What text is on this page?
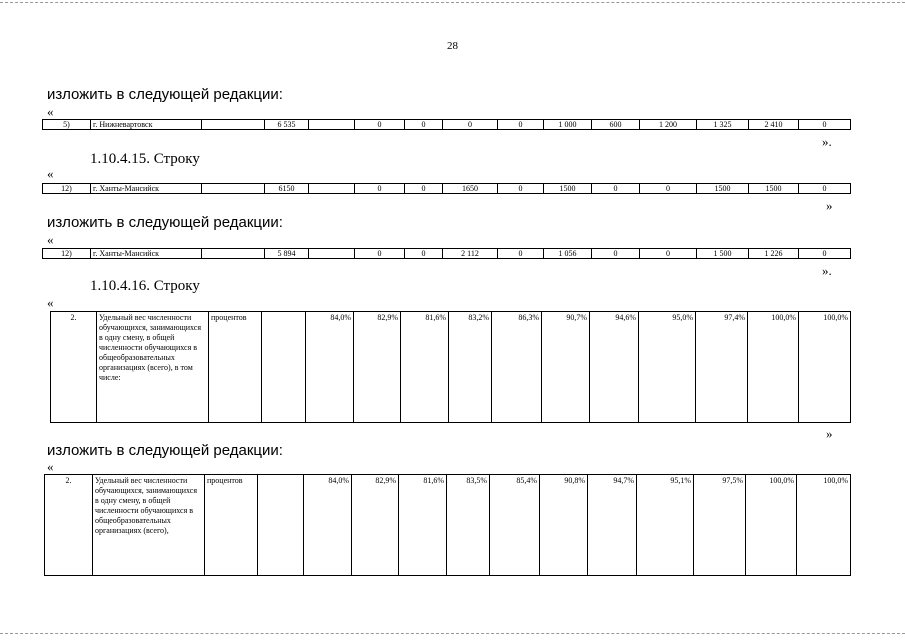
28
изложить в следующей редакции:
«
5)	г. Нижневартовск		6 535		0	0	0	0	1 000	600	1 200	1 325	2 410	0
».
1.10.4.15. Строку
«
12)	г. Ханты-Мансийск		6150		0	0	1650	0	1500	0	0	1500	1500	0
»
изложить в следующей редакции:
«
12)	г. Ханты-Мансийск		5 894		0	0	2 112	0	1 056	0	0	1 500	1 226	0
».
1.10.4.16. Строку
«
2.	Удельный вес численности обучающихся, занимающихся в одну смену, в общей численности обучающихся в общеобразовательных организациях (всего), в том числе:	процентов		84,0%	82,9%	81,6%	83,2%	86,3%	90,7%	94,6%	95,0%	97,4%	100,0%	100,0%
»
изложить в следующей редакции:
«
2.	Удельный вес численности обучающихся, занимающихся в одну смену, в общей численности обучающихся в общеобразовательных организациях (всего),	процентов		84,0%	82,9%	81,6%	83,5%	85,4%	90,8%	94,7%	95,1%	97,5%	100,0%	100,0%
